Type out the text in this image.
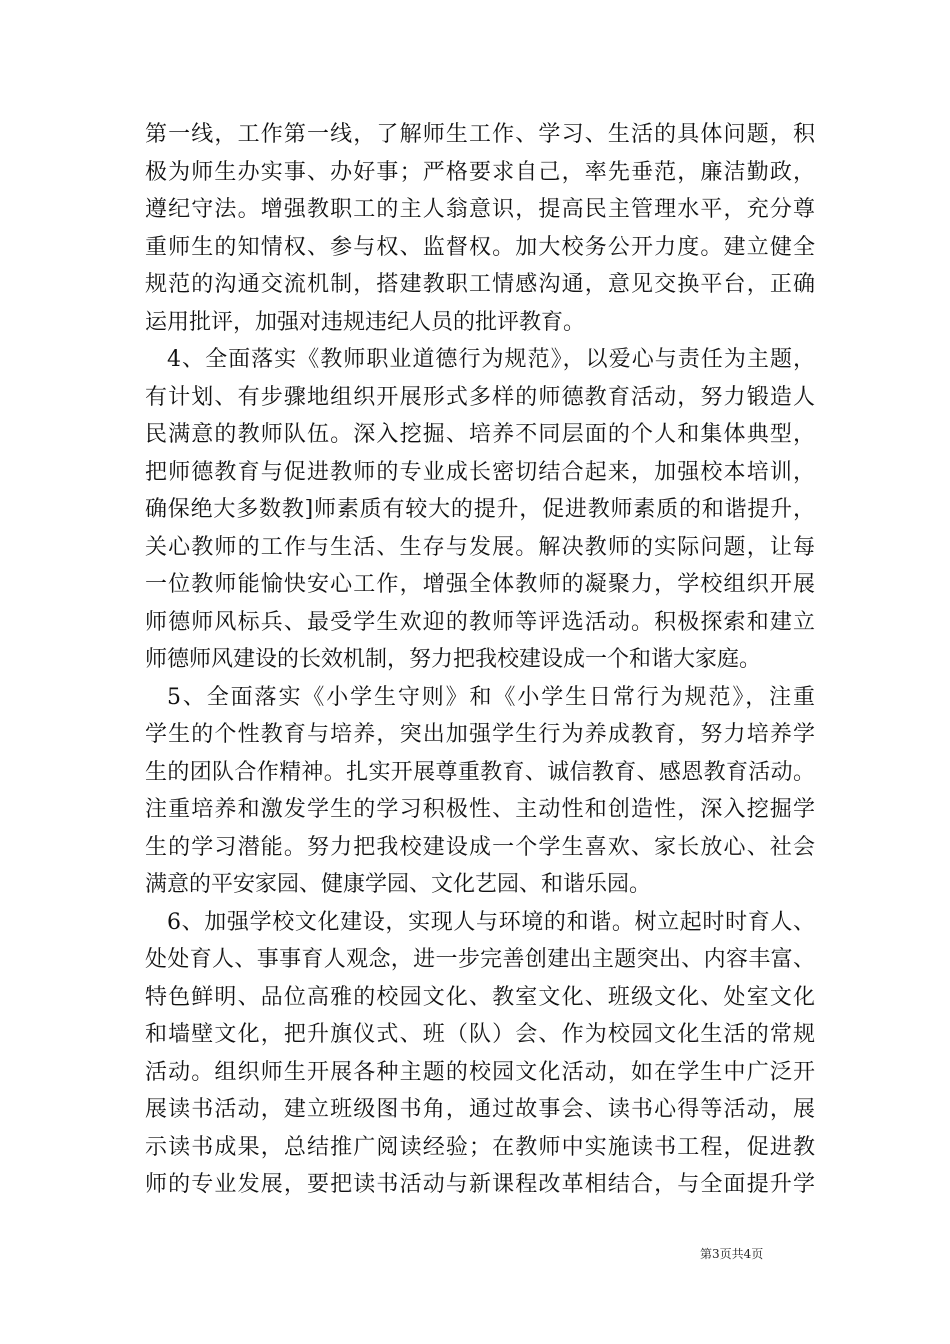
第一线，工作第一线，了解师生工作、学习、生活的具体问题，积
极为师生办实事、办好事；严格要求自己，率先垂范，廉洁勤政，
遵纪守法。增强教职工的主人翁意识，提高民主管理水平，充分尊
重师生的知情权、参与权、监督权。加大校务公开力度。建立健全
规范的沟通交流机制，搭建教职工情感沟通，意见交换平台，正确
运用批评，加强对违规违纪人员的批评教育。
4、全面落实《教师职业道德行为规范》，以爱心与责任为主题，
有计划、有步骤地组织开展形式多样的师德教育活动，努力锻造人
民满意的教师队伍。深入挖掘、培养不同层面的个人和集体典型，
把师德教育与促进教师的专业成长密切结合起来，加强校本培训，
确保绝大多数教]师素质有较大的提升，促进教师素质的和谐提升，
关心教师的工作与生活、生存与发展。解决教师的实际问题，让每
一位教师能愉快安心工作，增强全体教师的凝聚力，学校组织开展
师德师风标兵、最受学生欢迎的教师等评选活动。积极探索和建立
师德师风建设的长效机制，努力把我校建设成一个和谐大家庭。
5、全面落实《小学生守则》和《小学生日常行为规范》，注重
学生的个性教育与培养，突出加强学生行为养成教育，努力培养学
生的团队合作精神。扎实开展尊重教育、诚信教育、感恩教育活动。
注重培养和激发学生的学习积极性、主动性和创造性，深入挖掘学
生的学习潜能。努力把我校建设成一个学生喜欢、家长放心、社会
满意的平安家园、健康学园、文化艺园、和谐乐园。
6、加强学校文化建设，实现人与环境的和谐。树立起时时育人、
处处育人、事事育人观念，进一步完善创建出主题突出、内容丰富、
特色鲜明、品位高雅的校园文化、教室文化、班级文化、处室文化
和墙壁文化，把升旗仪式、班（队）会、作为校园文化生活的常规
活动。组织师生开展各种主题的校园文化活动，如在学生中广泛开
展读书活动，建立班级图书角，通过故事会、读书心得等活动，展
示读书成果，总结推广阅读经验；在教师中实施读书工程，促进教
师的专业发展，要把读书活动与新课程改革相结合，与全面提升学
第3页共4页
